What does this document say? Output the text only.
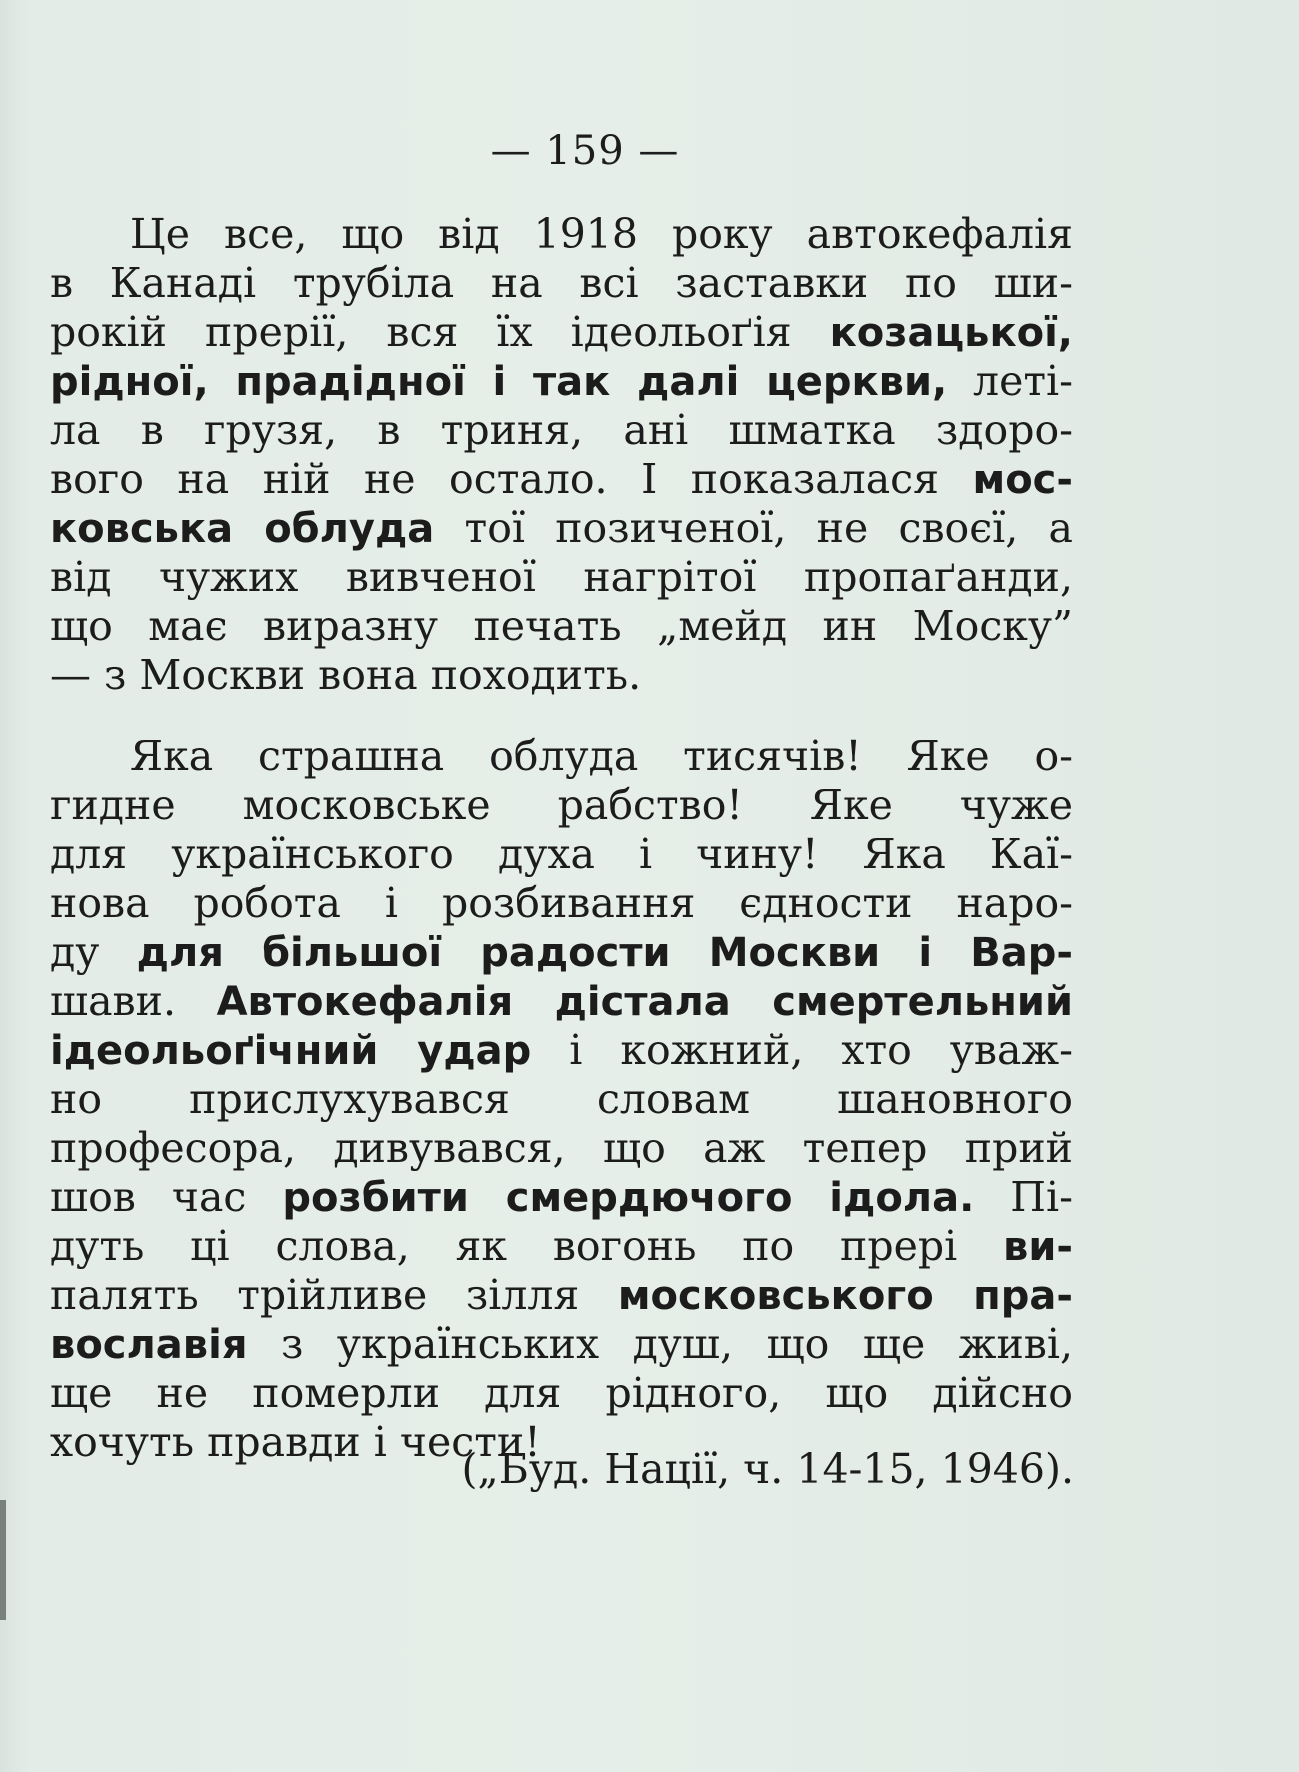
— 159 —
Це все, що від 1918 року автокефалія
в Канаді трубіла на всі заставки по ши-
рокій прерії, вся їх ідеольоґія козацької,
рідної, прадідної і так далі церкви, леті-
ла в грузя, в триня, ані шматка здоро-
вого на ній не остало. І показалася мос-
ковська облуда тої позиченої, не своєї, а
від чужих вивченої нагрітої пропаґанди,
що має виразну печать „мейд ин Моску”
— з Москви вона походить.
Яка страшна облуда тисячів! Яке о-
гидне московське рабство! Яке чуже
для українського духа і чину! Яка Каї-
нова робота і розбивання єдности наро-
ду для більшої радости Москви і Вар-
шави. Автокефалія дістала смертельний
ідеольоґічний удар і кожний, хто уваж-
но прислухувався словам шановного
професора, дивувався, що аж тепер прий
шов час розбити смердючого ідола. Пі-
дуть ці слова, як вогонь по прері ви-
палять трійливе зілля московського пра-
вославія з українських душ, що ще живі,
ще не померли для рідного, що дійсно
хочуть правди і чести!
(„Буд. Нації, ч. 14-15, 1946).
